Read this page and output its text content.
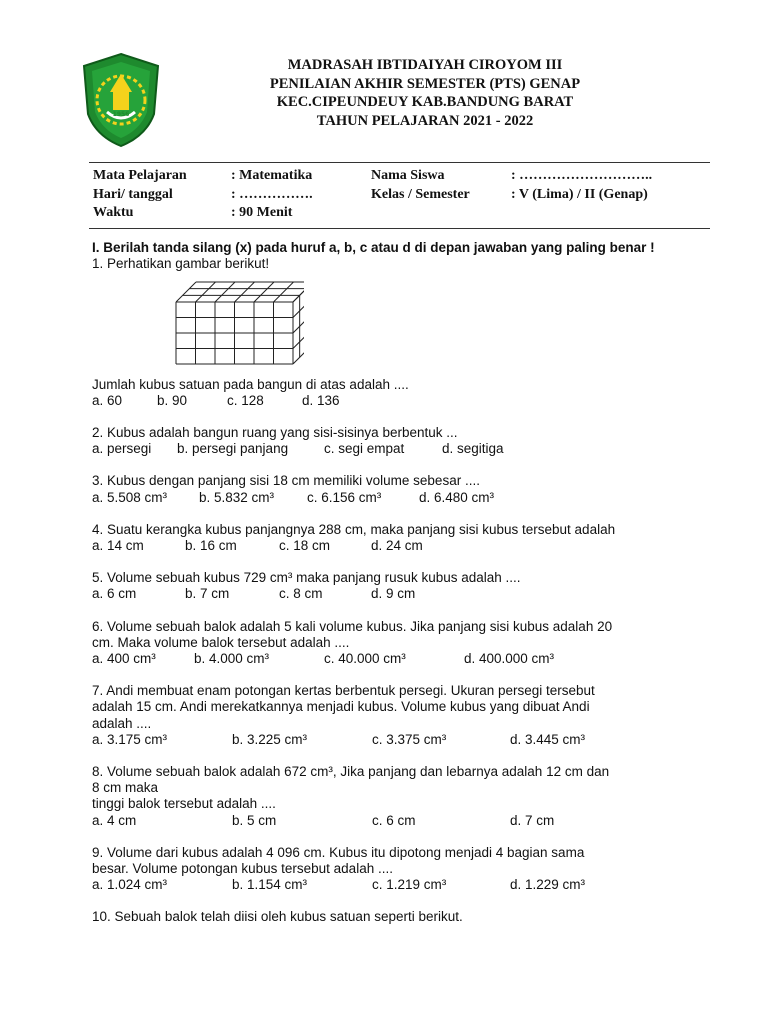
1956
MADRASAH IBTIDAIYAH CIROYOM III
PENILAIAN AKHIR SEMESTER (PTS) GENAP
KEC.CIPEUNDEUY KAB.BANDUNG BARAT
TAHUN PELAJARAN 2021 - 2022
Mata Pelajaran	: Matematika	Nama Siswa	: ………………………..
Hari/ tanggal	: …………….	Kelas / Semester	: V (Lima) / II (Genap)
Waktu	: 90 Menit

I. Berilah tanda silang (x) pada huruf a, b, c atau d di depan jawaban yang paling benar !

1. Perhatikan gambar berikut!
Jumlah kubus satuan pada bangun di atas adalah ....
a. 60	b. 90	c. 128	d. 136
2. Kubus adalah bangun ruang yang sisi-sisinya berbentuk ...
a. persegi b. persegi panjang	c. segi empat	d. segitiga
3. Kubus dengan panjang sisi 18 cm memiliki volume sebesar ....
a. 5.508 cm³ b. 5.832 cm³ c. 6.156 cm³	d. 6.480 cm³
4. Suatu kerangka kubus panjangnya 288 cm, maka panjang sisi kubus tersebut adalah
a. 14 cm	b. 16 cm	c. 18 cm	d. 24 cm
5. Volume sebuah kubus 729 cm³ maka panjang rusuk kubus adalah ....
a. 6 cm	b. 7 cm	c. 8 cm	d. 9 cm
6. Volume sebuah balok adalah 5 kali volume kubus. Jika panjang sisi kubus adalah 20
cm. Maka volume balok tersebut adalah ....
a. 400 cm³	b. 4.000 cm³	c. 40.000 cm³	d. 400.000 cm³
7. Andi membuat enam potongan kertas berbentuk persegi. Ukuran persegi tersebut
adalah 15 cm. Andi merekatkannya menjadi kubus. Volume kubus yang dibuat Andi
adalah ....
a. 3.175 cm³	b. 3.225 cm³	c. 3.375 cm³	d. 3.445 cm³
8. Volume sebuah balok adalah 672 cm³, Jika panjang dan lebarnya adalah 12 cm dan
8 cm maka
tinggi balok tersebut adalah ....
a. 4 cm	b. 5 cm	c. 6 cm	d. 7 cm
9. Volume dari kubus adalah 4 096 cm. Kubus itu dipotong menjadi 4 bagian sama
besar. Volume potongan kubus tersebut adalah ....
a. 1.024 cm³	b. 1.154 cm³	c. 1.219 cm³	d. 1.229 cm³
10. Sebuah balok telah diisi oleh kubus satuan seperti berikut.
